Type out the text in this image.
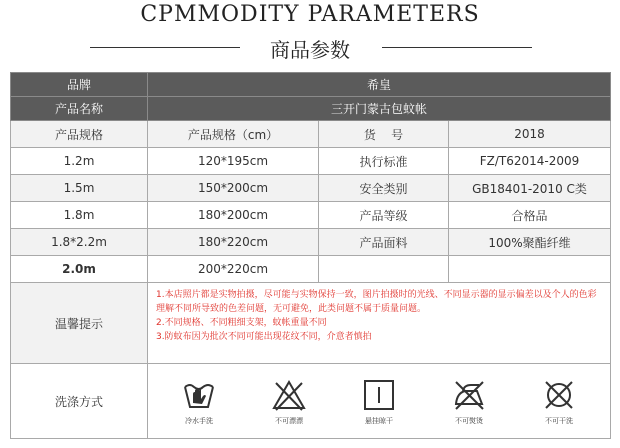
CPMMODITY PARAMETERS
商品参数
品牌	希皇		
产品名称	三开门蒙古包蚊帐		
产品规格	产品规格（cm）	货    号	2018
1.2m	120*195cm	执行标准	FZ/T62014-2009
1.5m	150*200cm	安全类别	GB18401-2010 C类
1.8m	180*200cm	产品等级	合格品
1.8*2.2m	180*220cm	产品面料	100%聚酯纤维
2.0m	200*220cm		
温馨提示	1.本店照片都是实物拍摄，尽可能与实物保持一致，图片拍摄时的光线、不同显示器的显示偏差以及个人的色彩理解不同所导致的色差问题，无可避免，此类问题不属于质量问题。

2.不同规格、不同粗细支架，蚊帐重量不同

3.防蚊布因为批次不同可能出现花纹不同，介意者慎拍		

洗涤方式	冷水手洗 不可漂漂 悬挂晾干 不可熨烫 不可干洗		
